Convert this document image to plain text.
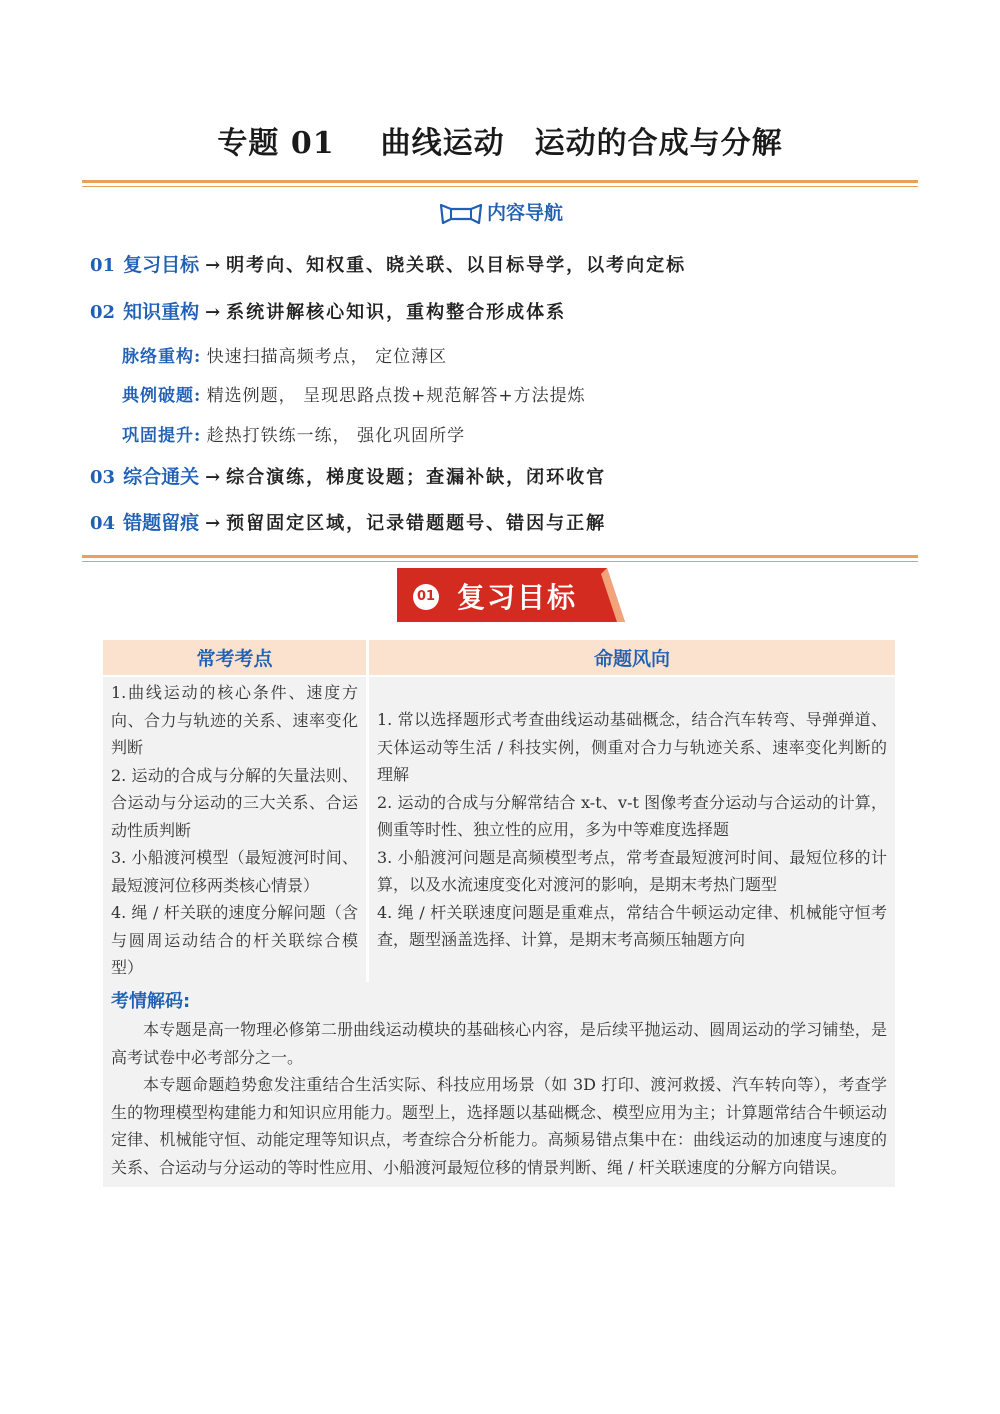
专题 01 曲线运动 运动的合成与分解
内容导航
01 复习目标 → 明考向、知权重、晓关联、以目标导学，以考向定标
02 知识重构 → 系统讲解核心知识，重构整合形成体系
脉络重构: 快速扫描高频考点， 定位薄区
典例破题: 精选例题， 呈现思路点拨+规范解答+方法提炼
巩固提升: 趁热打铁练一练， 强化巩固所学
03 综合通关 → 综合演练，梯度设题；查漏补缺，闭环收官
04 错题留痕 → 预留固定区域，记录错题题号、错因与正解
01 复习目标
常考考点	命题风向

1.曲线运动的核心条件、速度方向、合力与轨迹的关系、速率变化判断

2. 运动的合成与分解的矢量法则、合运动与分运动的三大关系、合运动性质判断

3. 小船渡河模型（最短渡河时间、最短渡河位移两类核心情景）

4. 绳 / 杆关联的速度分解问题（含与圆周运动结合的杆关联综合模型）

1. 常以选择题形式考查曲线运动基础概念，结合汽车转弯、导弹弹道、天体运动等生活 / 科技实例，侧重对合力与轨迹关系、速率变化判断的理解

2. 运动的合成与分解常结合 x-t、v-t 图像考查分运动与合运动的计算，侧重等时性、独立性的应用，多为中等难度选择题

3. 小船渡河问题是高频模型考点，常考查最短渡河时间、最短位移的计算，以及水流速度变化对渡河的影响，是期末考热门题型

4. 绳 / 杆关联速度问题是重难点，常结合牛顿运动定律、机械能守恒考查，题型涵盖选择、计算，是期末考高频压轴题方向

考情解码:

本专题是高一物理必修第二册曲线运动模块的基础核心内容，是后续平抛运动、圆周运动的学习铺垫，是高考试卷中必考部分之一。

本专题命题趋势愈发注重结合生活实际、科技应用场景（如 3D 打印、渡河救援、汽车转向等），考查学生的物理模型构建能力和知识应用能力。题型上，选择题以基础概念、模型应用为主；计算题常结合牛顿运动定律、机械能守恒、动能定理等知识点，考查综合分析能力。高频易错点集中在：曲线运动的加速度与速度的关系、合运动与分运动的等时性应用、小船渡河最短位移的情景判断、绳 / 杆关联速度的分解方向错误。
